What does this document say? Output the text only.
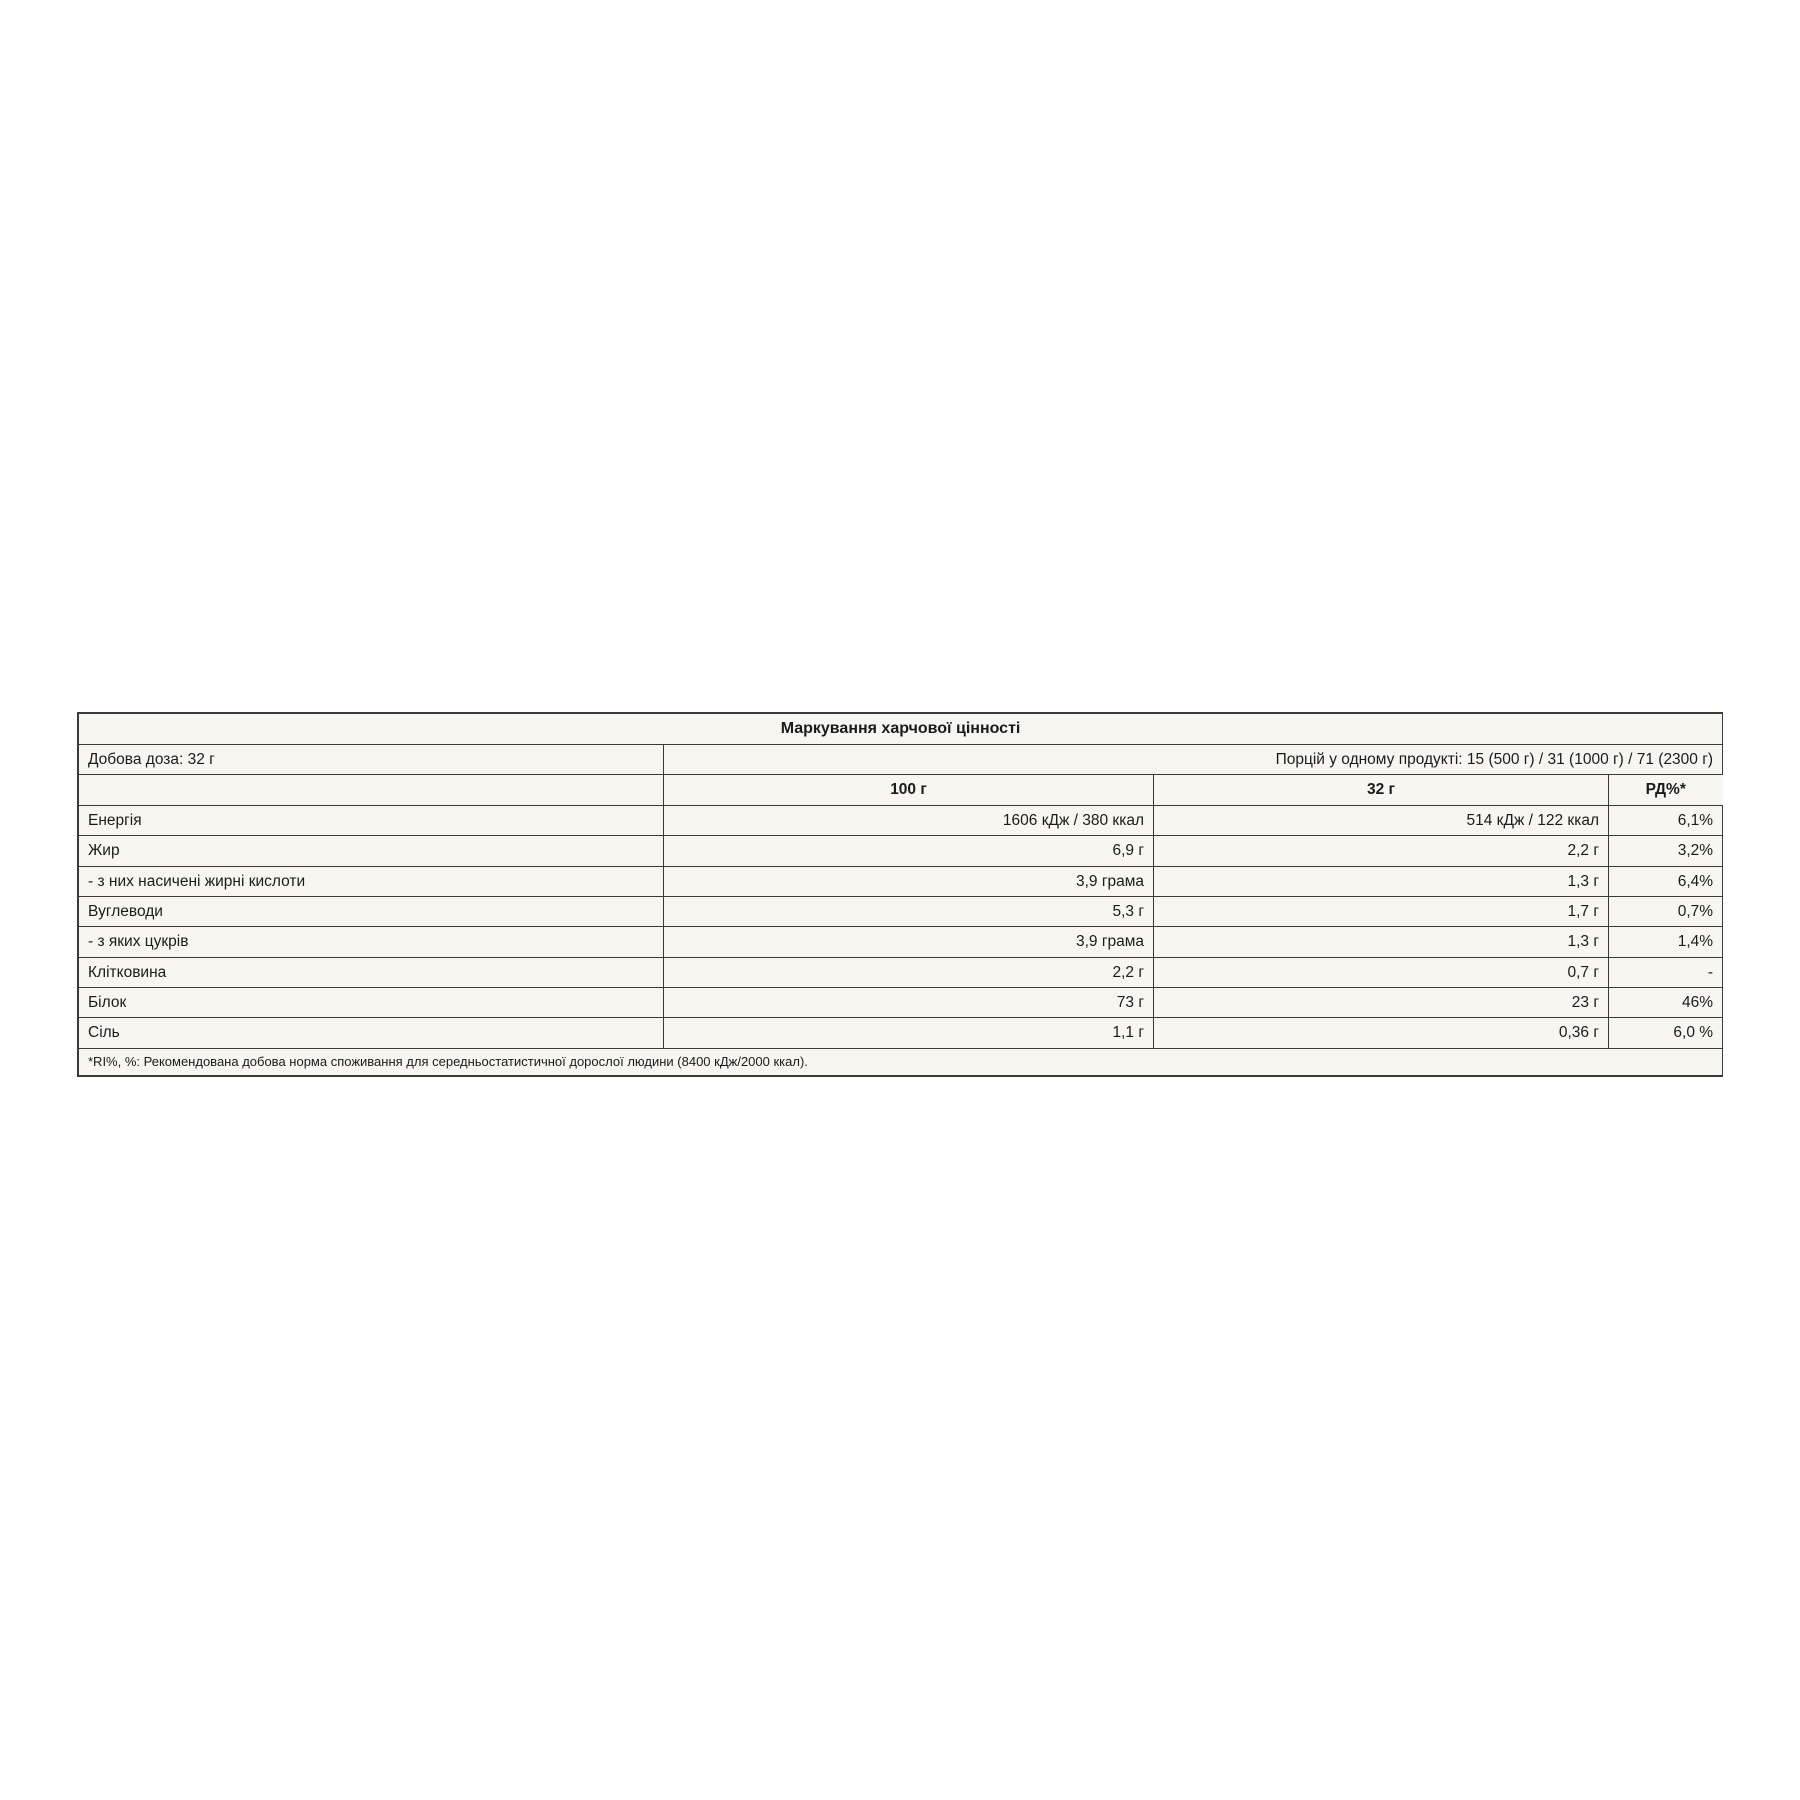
Маркування харчової цінності			
Добова доза: 32 г	Порцій у одному продукті: 15 (500 г) / 31 (1000 г) / 71 (2300 г)		
	100 г	32 г	РД%*
Енергія	1606 кДж / 380 ккал	514 кДж / 122 ккал	6,1%
Жир	6,9 г	2,2 г	3,2%
- з них насичені жирні кислоти	3,9 грама	1,3 г	6,4%
Вуглеводи	5,3 г	1,7 г	0,7%
- з яких цукрів	3,9 грама	1,3 г	1,4%
Клітковина	2,2 г	0,7 г	-
Білок	73 г	23 г	46%
Сіль	1,1 г	0,36 г	6,0 %
*RI%, %: Рекомендована добова норма споживання для середньостатистичної дорослої людини (8400 кДж/2000 ккал).			
